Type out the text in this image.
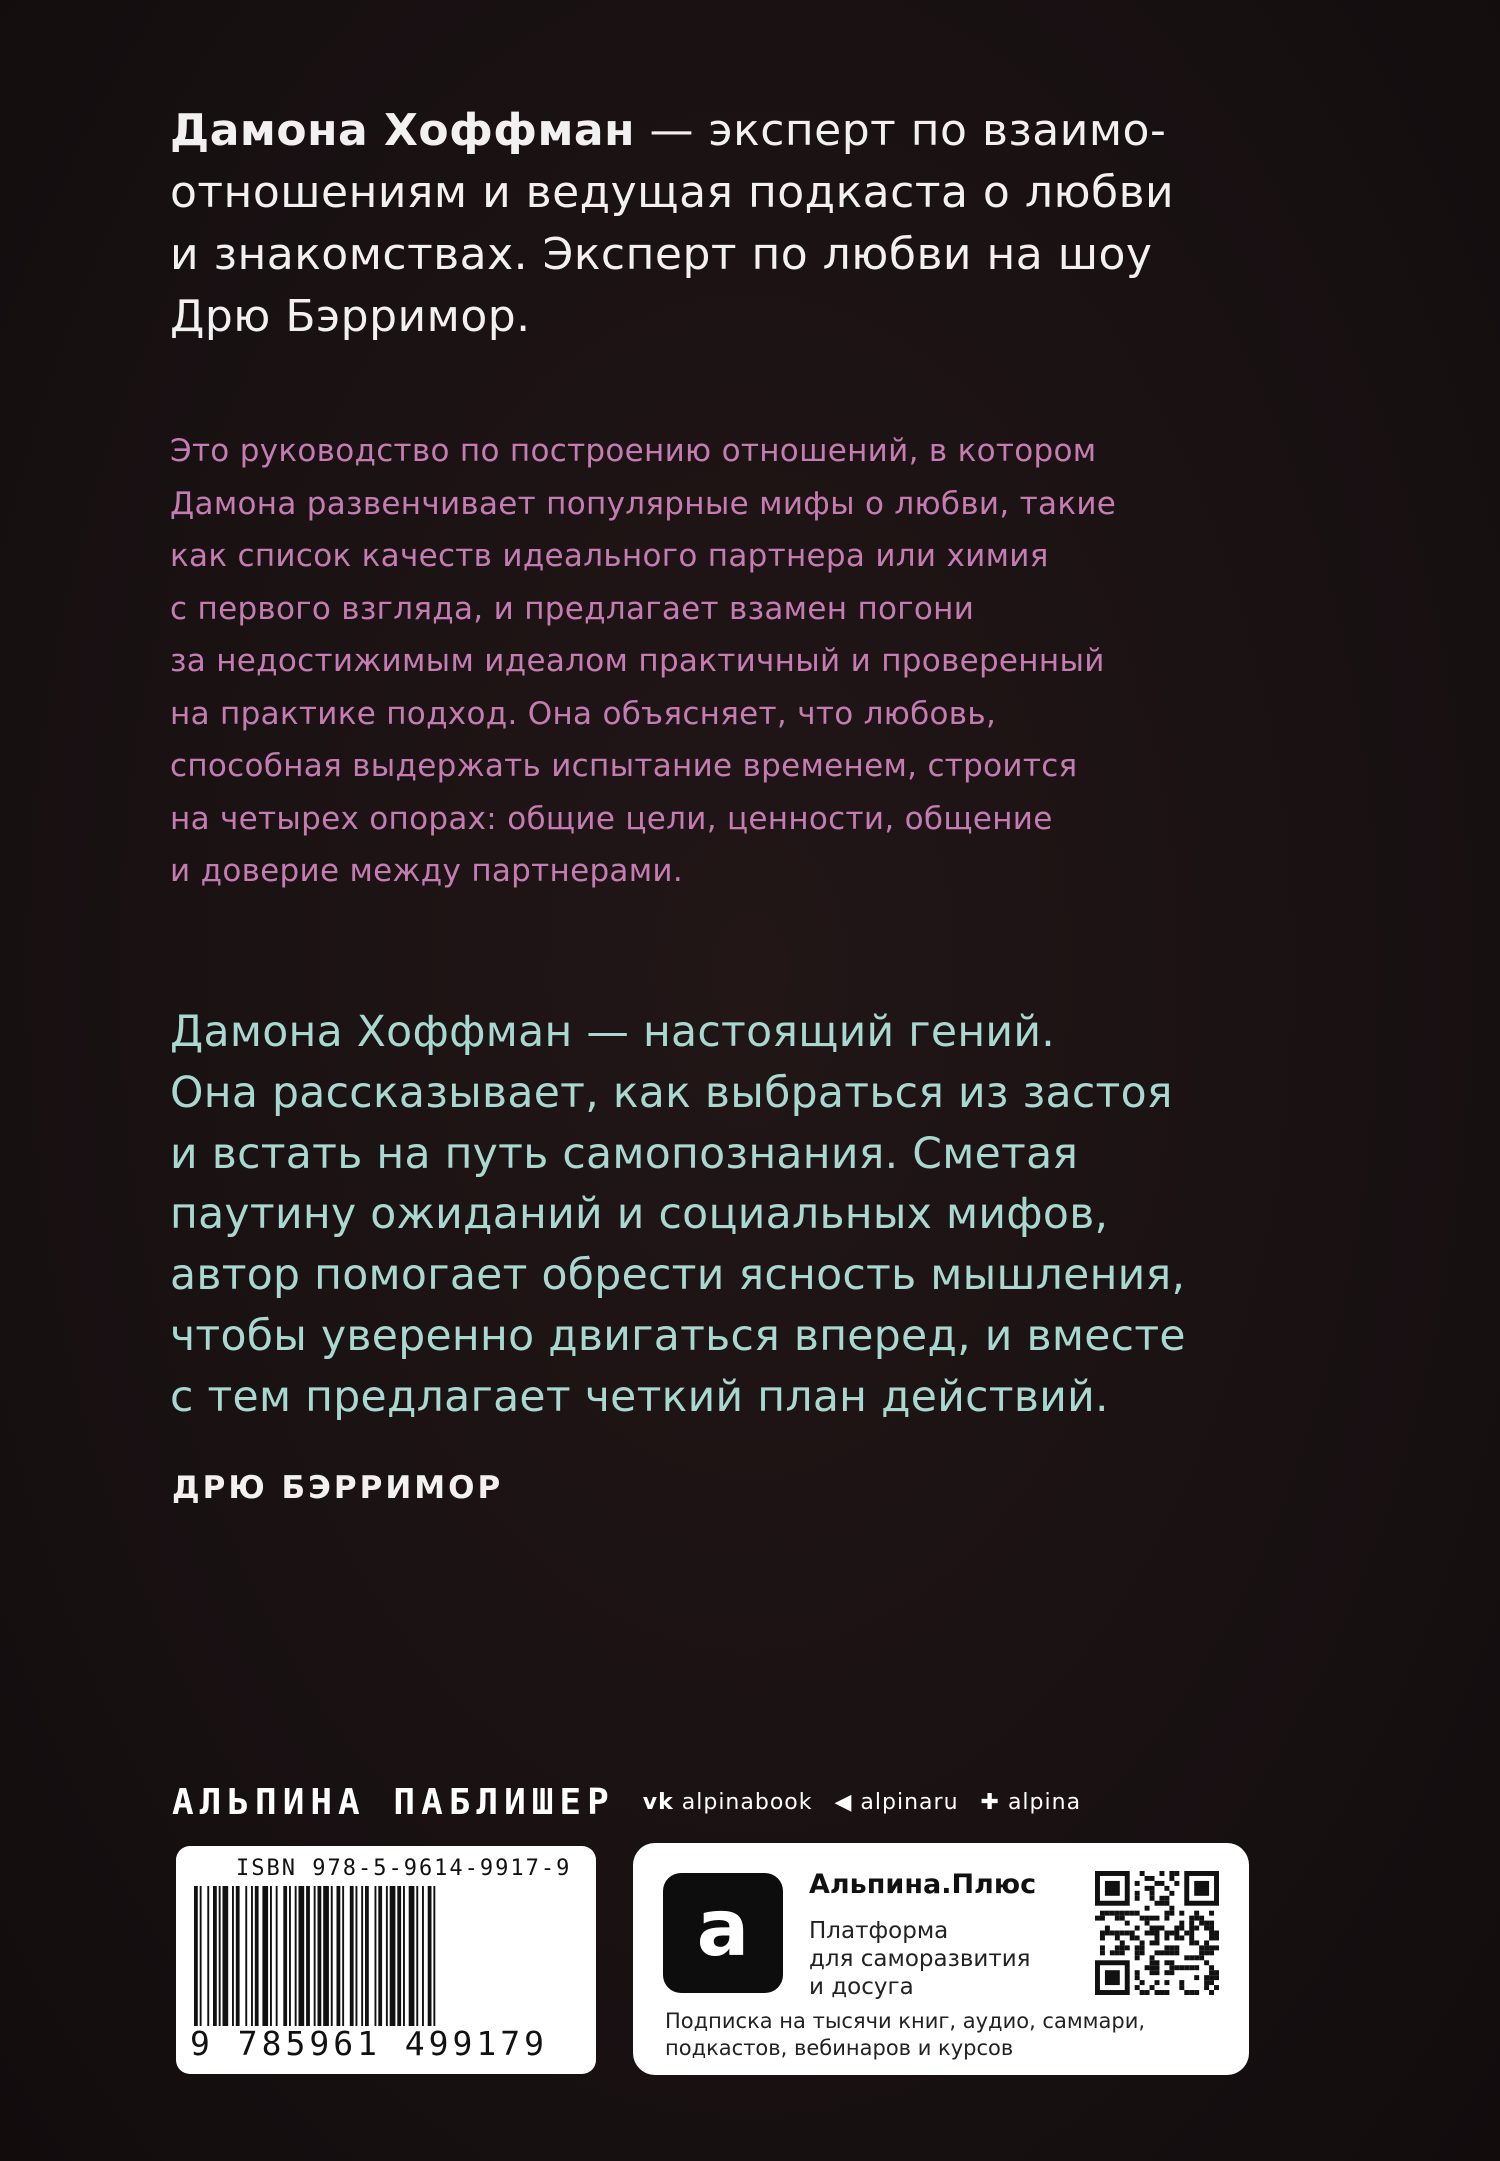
Дамона Хоффман — эксперт по взаимо-
отношениям и ведущая подкаста о любви
и знакомствах. Эксперт по любви на шоу
Дрю Бэрримор.
Это руководство по построению отношений, в котором
Дамона развенчивает популярные мифы о любви, такие
как список качеств идеального партнера или химия
с первого взгляда, и предлагает взамен погони
за недостижимым идеалом практичный и проверенный
на практике подход. Она объясняет, что любовь,
способная выдержать испытание временем, строится
на четырех опорах: общие цели, ценности, общение
и доверие между партнерами.
Дамона Хоффман — настоящий гений.
Она рассказывает, как выбраться из застоя
и встать на путь самопознания. Сметая
паутину ожиданий и социальных мифов,
автор помогает обрести ясность мышления,
чтобы уверенно двигаться вперед, и вместе
с тем предлагает четкий план действий.
ДРЮ БЭРРИМОР
АЛЬПИНА ПАБЛИШЕР vk alpinabook ◀ alpinaru ✚ alpina
ISBN 978-5-9614-9917-9
9 785961 499179
a	Альпина.Плюс
Платформа
для саморазвития
и досуга
Подписка на тысячи книг, аудио, саммари,
подкастов, вебинаров и курсов
